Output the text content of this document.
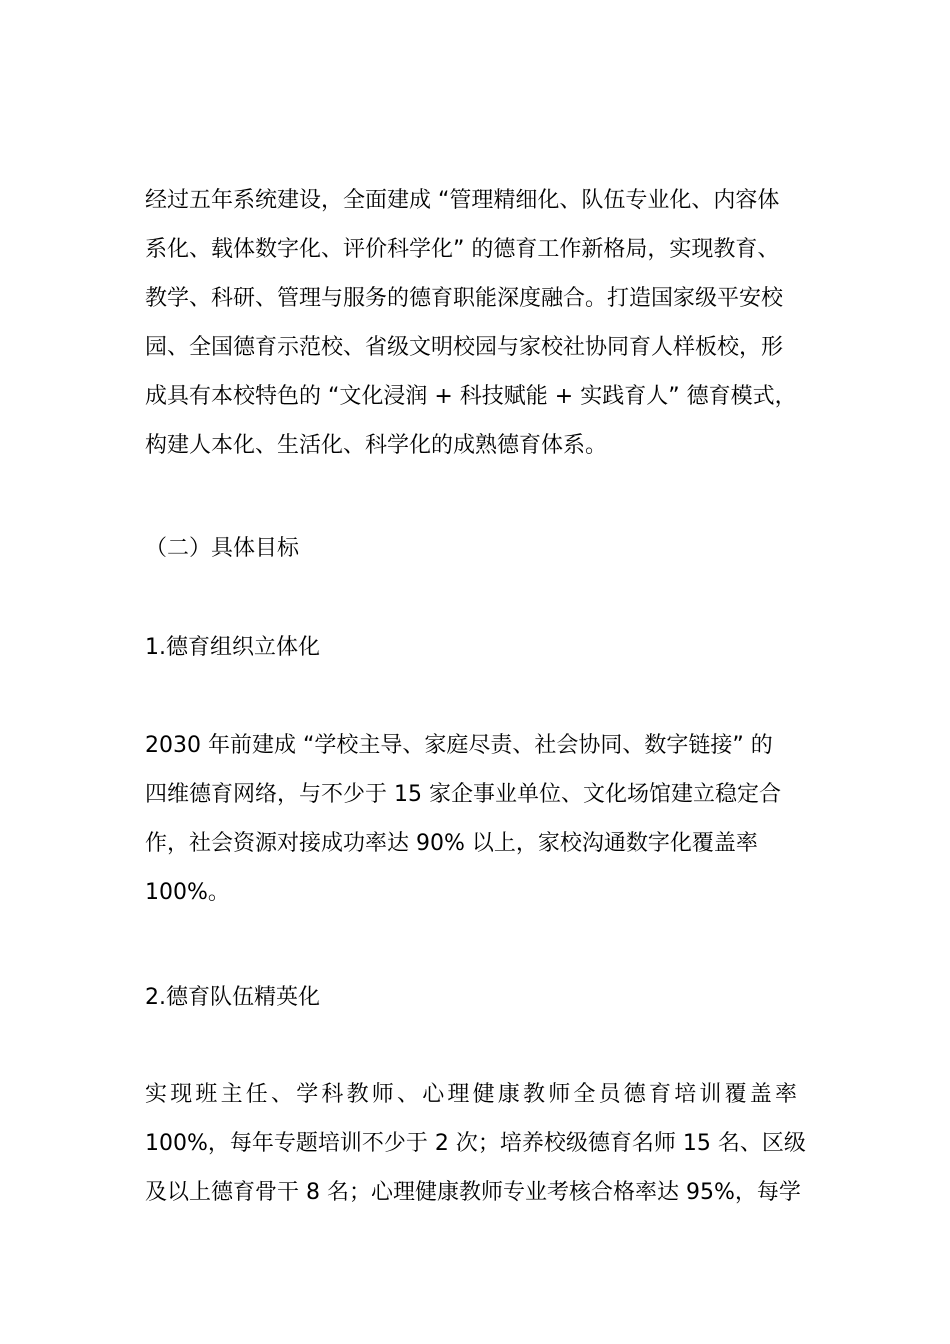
经过五年系统建设，全面建成 “管理精细化、队伍专业化、内容体
系化、载体数字化、评价科学化” 的德育工作新格局，实现教育、
教学、科研、管理与服务的德育职能深度融合。打造国家级平安校
园、全国德育示范校、省级文明校园与家校社协同育人样板校，形
成具有本校特色的 “文化浸润 + 科技赋能 + 实践育人” 德育模式，
构建人本化、生活化、科学化的成熟德育体系。
（二）具体目标
1.德育组织立体化
2030 年前建成 “学校主导、家庭尽责、社会协同、数字链接” 的
四维德育网络，与不少于 15 家企事业单位、文化场馆建立稳定合
作，社会资源对接成功率达 90% 以上，家校沟通数字化覆盖率
100%。
2.德育队伍精英化
实现班主任、学科教师、心理健康教师全员德育培训覆盖率
100%，每年专题培训不少于 2 次；培养校级德育名师 15 名、区级
及以上德育骨干 8 名；心理健康教师专业考核合格率达 95%，每学
